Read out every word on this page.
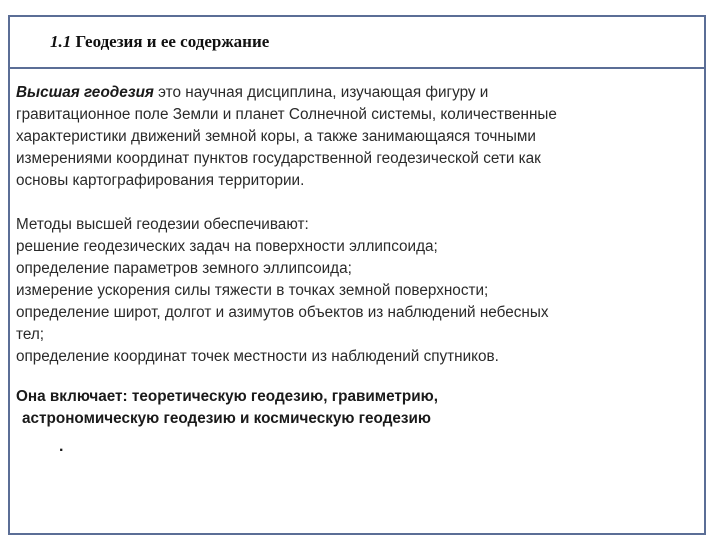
1.1 Геодезия и ее содержание

Высшая геодезия это научная дисциплина, изучающая фигуру и
гравитационное поле Земли и планет Солнечной системы, количественные
характеристики движений земной коры, а также занимающаяся точными
измерениями координат пунктов государственной геодезической сети как
основы картографирования территории.

Методы высшей геодезии обеспечивают:

решение геодезических задач на поверхности эллипсоида;
определение параметров земного эллипсоида;
измерение ускорения силы тяжести в точках земной поверхности;
определение широт, долгот и азимутов объектов из наблюдений небесных
тел;
определение координат точек местности из наблюдений спутников.

Она включает: теоретическую геодезию, гравиметрию,
астрономическую геодезию и космическую геодезию

.
